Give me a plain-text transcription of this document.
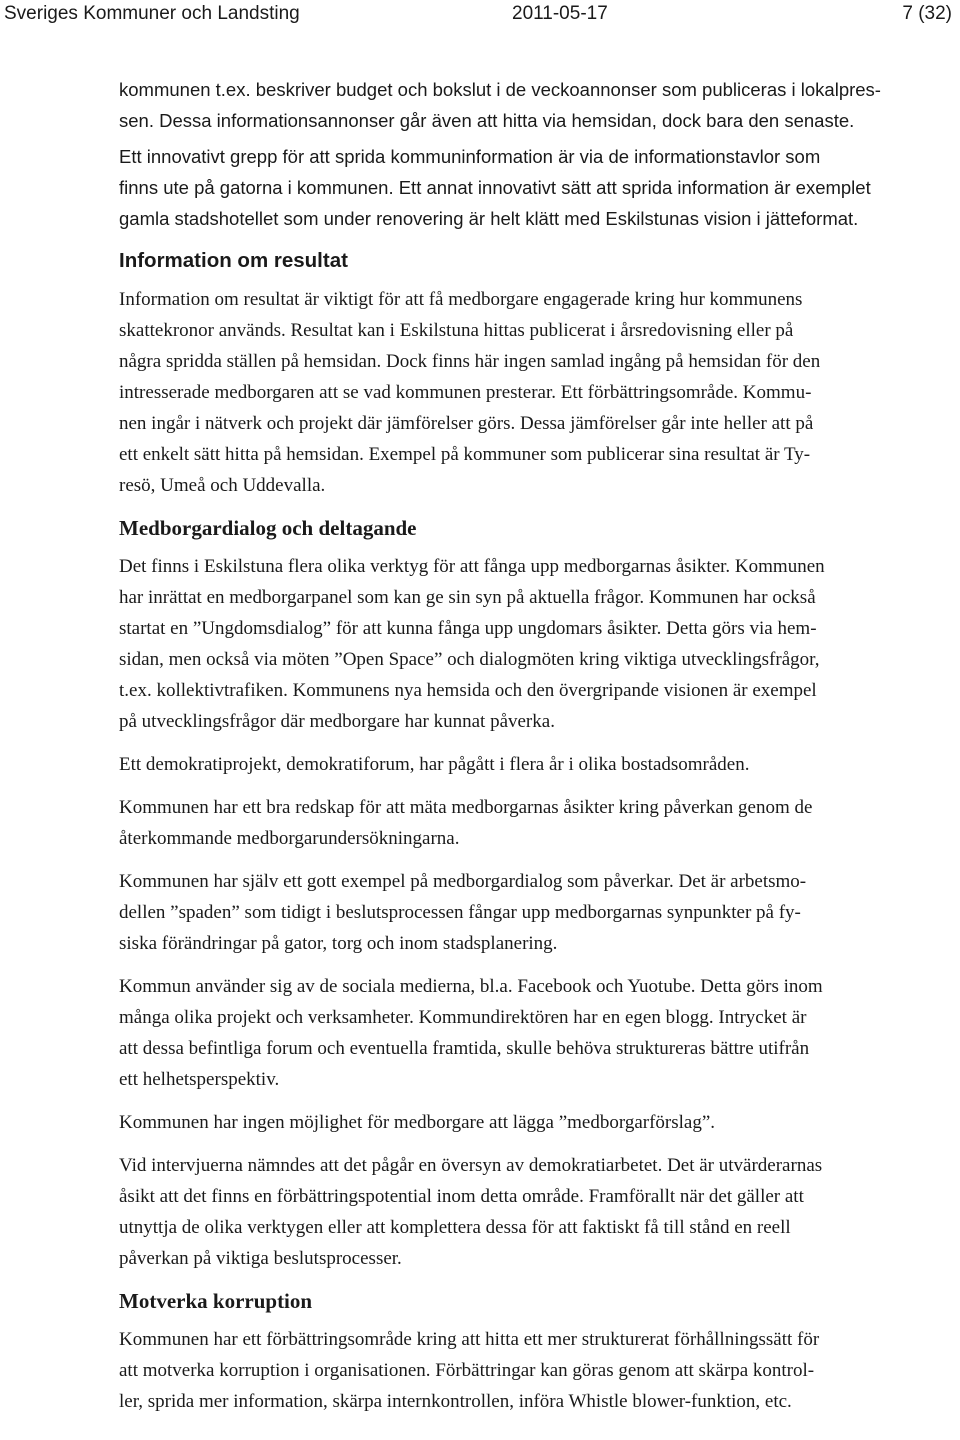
Sveriges Kommuner och Landsting	2011-05-17	7 (32)

kommunen t.ex. beskriver budget och bokslut i de veckoannonser som publiceras i lokalpres-
sen. Dessa informationsannonser går även att hitta via hemsidan, dock bara den senaste.

Ett innovativt grepp för att sprida kommuninformation är via de informationstavlor som
finns ute på gatorna i kommunen. Ett annat innovativt sätt att sprida information är exemplet
gamla stadshotellet som under renovering är helt klätt med Eskilstunas vision i jätteformat.

Information om resultat

Information om resultat är viktigt för att få medborgare engagerade kring hur kommunens
skattekronor används. Resultat kan i Eskilstuna hittas publicerat i årsredovisning eller på
några spridda ställen på hemsidan. Dock finns här ingen samlad ingång på hemsidan för den
intresserade medborgaren att se vad kommunen presterar. Ett förbättringsområde. Kommu-
nen ingår i nätverk och projekt där jämförelser görs. Dessa jämförelser går inte heller att på
ett enkelt sätt hitta på hemsidan. Exempel på kommuner som publicerar sina resultat är Ty-
resö, Umeå och Uddevalla.

Medborgardialog och deltagande

Det finns i Eskilstuna flera olika verktyg för att fånga upp medborgarnas åsikter. Kommunen
har inrättat en medborgarpanel som kan ge sin syn på aktuella frågor. Kommunen har också
startat en ”Ungdomsdialog” för att kunna fånga upp ungdomars åsikter. Detta görs via hem-
sidan, men också via möten ”Open Space” och dialogmöten kring viktiga utvecklingsfrågor,
t.ex. kollektivtrafiken. Kommunens nya hemsida och den övergripande visionen är exempel
på utvecklingsfrågor där medborgare har kunnat påverka.

Ett demokratiprojekt, demokratiforum, har pågått i flera år i olika bostadsområden.

Kommunen har ett bra redskap för att mäta medborgarnas åsikter kring påverkan genom de
återkommande medborgarundersökningarna.

Kommunen har själv ett gott exempel på medborgardialog som påverkar. Det är arbetsmo-
dellen ”spaden” som tidigt i beslutsprocessen fångar upp medborgarnas synpunkter på fy-
siska förändringar på gator, torg och inom stadsplanering.

Kommun använder sig av de sociala medierna, bl.a. Facebook och Yuotube. Detta görs inom
många olika projekt och verksamheter. Kommundirektören har en egen blogg. Intrycket är
att dessa befintliga forum och eventuella framtida, skulle behöva struktureras bättre utifrån
ett helhetsperspektiv.

Kommunen har ingen möjlighet för medborgare att lägga ”medborgarförslag”.

Vid intervjuerna nämndes att det pågår en översyn av demokratiarbetet. Det är utvärderarnas
åsikt att det finns en förbättringspotential inom detta område. Framförallt när det gäller att
utnyttja de olika verktygen eller att komplettera dessa för att faktiskt få till stånd en reell
påverkan på viktiga beslutsprocesser.

Motverka korruption

Kommunen har ett förbättringsområde kring att hitta ett mer strukturerat förhållningssätt för
att motverka korruption i organisationen. Förbättringar kan göras genom att skärpa kontrol-
ler, sprida mer information, skärpa internkontrollen, införa Whistle blower-funktion, etc.
